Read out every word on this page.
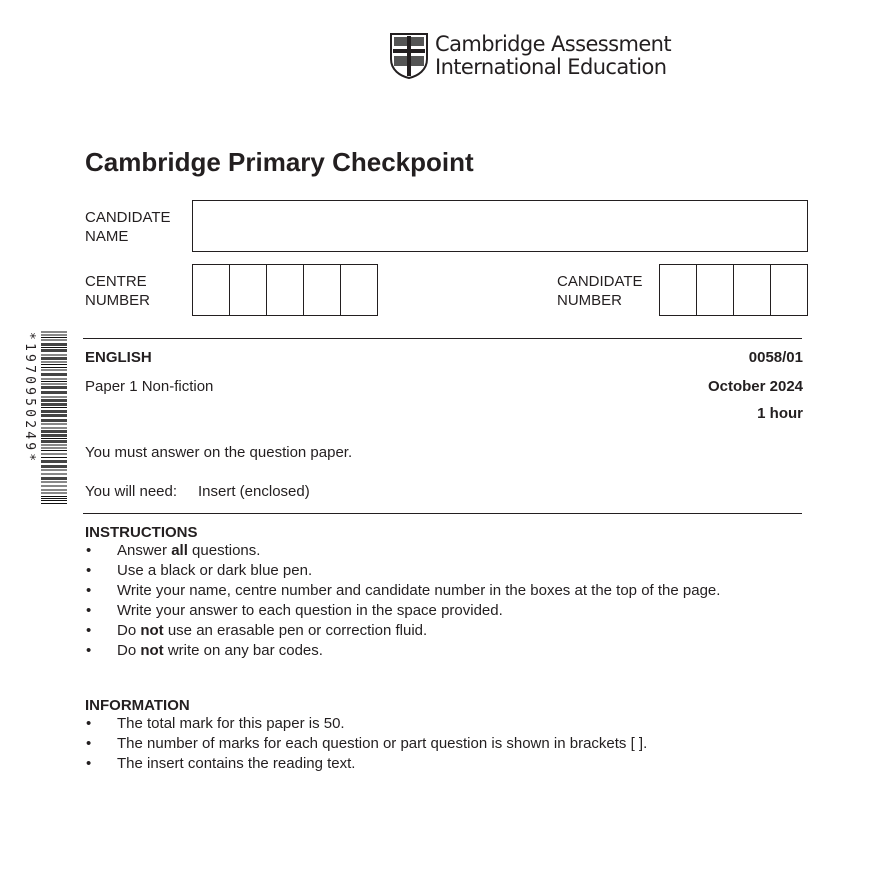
Cambridge Assessment
International Education
Cambridge Primary Checkpoint
CANDIDATE
NAME
CENTRE
NUMBER
CANDIDATE
NUMBER
*1970950249*	ENGLISH	0058/01
Paper 1 Non-fiction	October 2024
1 hour
You must answer on the question paper.
You will need: Insert (enclosed)
INSTRUCTIONS
• Answer all questions.
• Use a black or dark blue pen.
• Write your name, centre number and candidate number in the boxes at the top of the page.
• Write your answer to each question in the space provided.
• Do not use an erasable pen or correction fluid.
• Do not write on any bar codes.
INFORMATION
• The total mark for this paper is 50.
• The number of marks for each question or part question is shown in brackets [ ].
• The insert contains the reading text.
